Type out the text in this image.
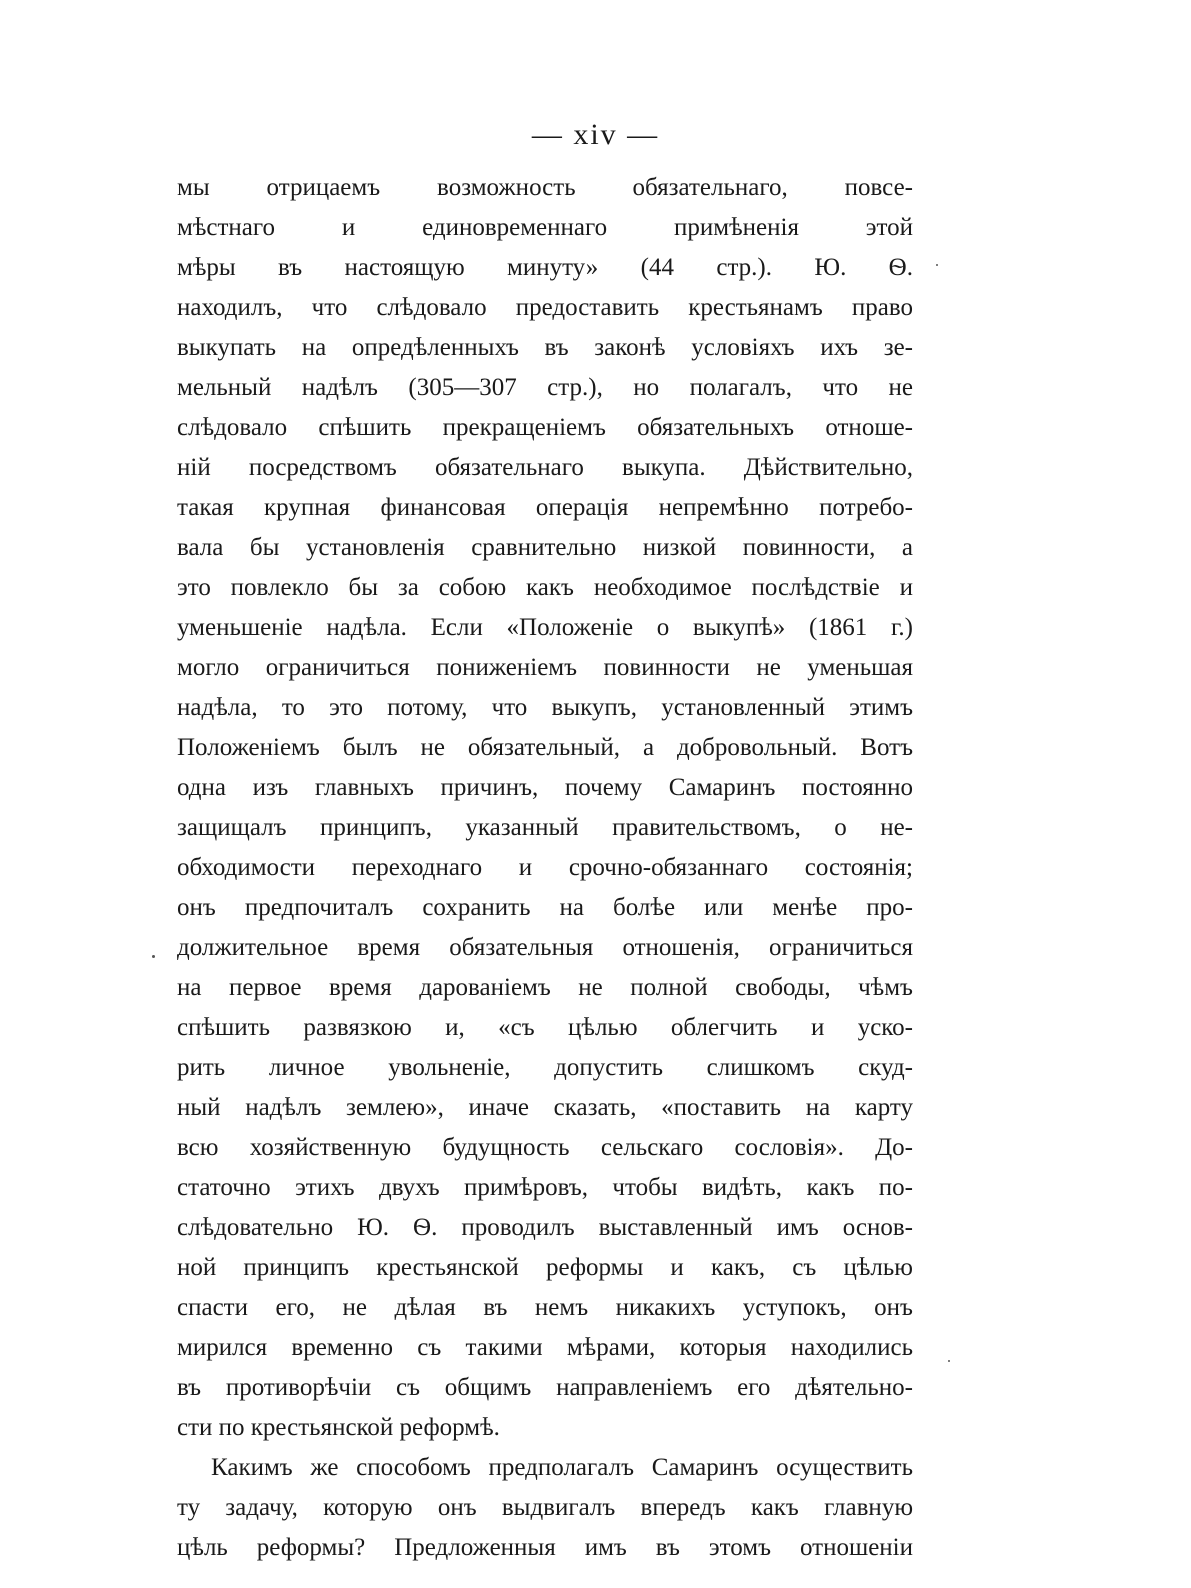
— xiv —
мы отрицаемъ возможность обязательнаго, повсе-
мѣстнаго и единовременнаго примѣненія этой
мѣры въ настоящую минуту» (44 стр.). Ю. Ѳ.
находилъ, что слѣдовало предоставить крестьянамъ право
выкупать на опредѣленныхъ въ законѣ условіяхъ ихъ зе-
мельный надѣлъ (305—307 стр.), но полагалъ, что не
слѣдовало спѣшить прекращеніемъ обязательныхъ отноше-
ній посредствомъ обязательнаго выкупа. Дѣйствительно,
такая крупная финансовая операція непремѣнно потребо-
вала бы установленія сравнительно низкой повинности, а
это повлекло бы за собою какъ необходимое послѣдствіе и
уменьшеніе надѣла. Если «Положеніе о выкупѣ» (1861 г.)
могло ограничиться пониженіемъ повинности не уменьшая
надѣла, то это потому, что выкупъ, установленный этимъ
Положеніемъ былъ не обязательный, а добровольный. Вотъ
одна изъ главныхъ причинъ, почему Самаринъ постоянно
защищалъ принципъ, указанный правительствомъ, о не-
обходимости переходнаго и срочно-обязаннаго состоянія;
онъ предпочиталъ сохранить на болѣе или менѣе про-
должительное время обязательныя отношенія, ограничиться
на первое время дарованіемъ не полной свободы, чѣмъ
спѣшить развязкою и, «съ цѣлью облегчить и уско-
рить личное увольненіе, допустить слишкомъ скуд-
ный надѣлъ землею», иначе сказать, «поставить на карту
всю хозяйственную будущность сельскаго сословія». До-
статочно этихъ двухъ примѣровъ, чтобы видѣть, какъ по-
слѣдовательно Ю. Ѳ. проводилъ выставленный имъ основ-
ной принципъ крестьянской реформы и какъ, съ цѣлью
спасти его, не дѣлая въ немъ никакихъ уступокъ, онъ
мирился временно съ такими мѣрами, которыя находились
въ противорѣчіи съ общимъ направленіемъ его дѣятельно-
сти по крестьянской реформѣ.
Какимъ же способомъ предполагалъ Самаринъ осуществить
ту задачу, которую онъ выдвигалъ впередъ какъ главную
цѣль реформы? Предложенныя имъ въ этомъ отношеніи
